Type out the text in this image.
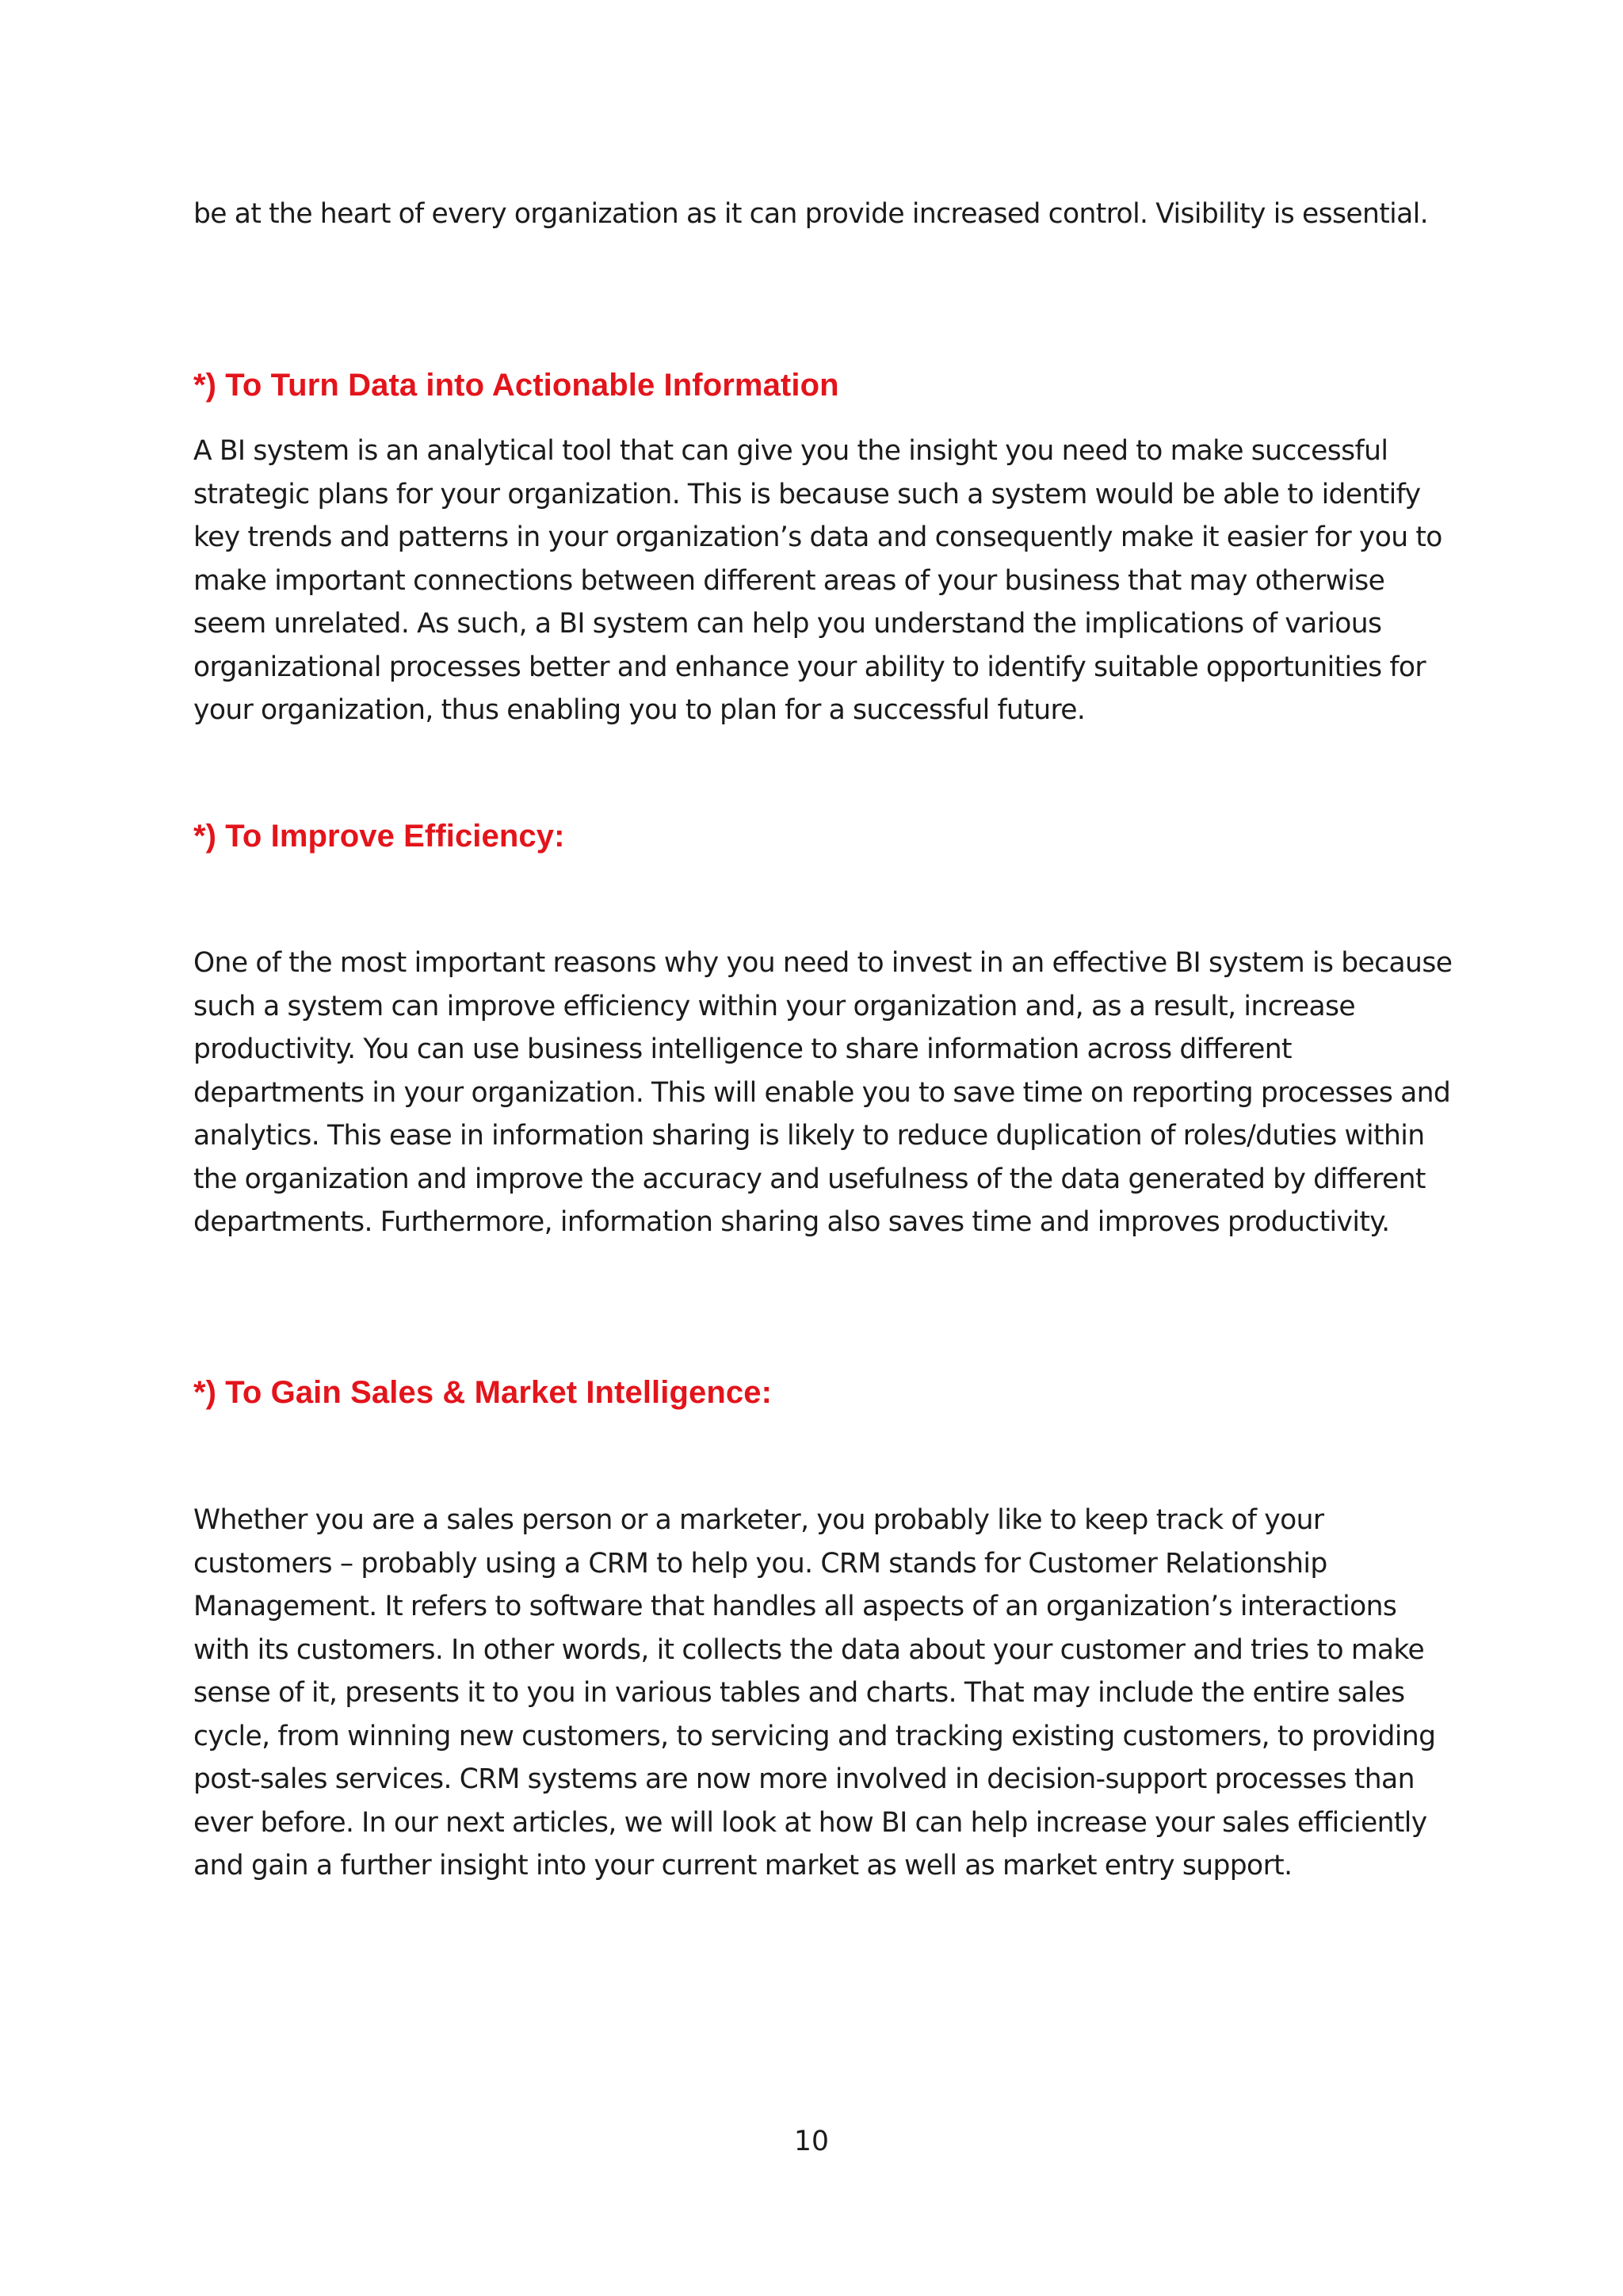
be at the heart of every organization as it can provide increased control. Visibility is essential.

*) To Turn Data into Actionable Information

A BI system is an analytical tool that can give you the insight you need to make successful strategic plans for your organization. This is because such a system would be able to identify key trends and patterns in your organization’s data and consequently make it easier for you to make important connections between different areas of your business that may otherwise seem unrelated. As such, a BI system can help you understand the implications of various organizational processes better and enhance your ability to identify suitable opportunities for your organization, thus enabling you to plan for a successful future.

*) To Improve Efficiency:

One of the most important reasons why you need to invest in an effective BI system is because such a system can improve efficiency within your organization and, as a result, increase productivity. You can use business intelligence to share information across different departments in your organization. This will enable you to save time on reporting processes and analytics. This ease in information sharing is likely to reduce duplication of roles/duties within the organization and improve the accuracy and usefulness of the data generated by different departments. Furthermore, information sharing also saves time and improves productivity.

*) To Gain Sales & Market Intelligence:

Whether you are a sales person or a marketer, you probably like to keep track of your customers – probably using a CRM to help you. CRM stands for Customer Relationship Management. It refers to software that handles all aspects of an organization’s interactions with its customers. In other words, it collects the data about your customer and tries to make sense of it, presents it to you in various tables and charts. That may include the entire sales cycle, from winning new customers, to servicing and tracking existing customers, to providing post-sales services. CRM systems are now more involved in decision-support processes than ever before. In our next articles, we will look at how BI can help increase your sales efficiently and gain a further insight into your current market as well as market entry support.

10
